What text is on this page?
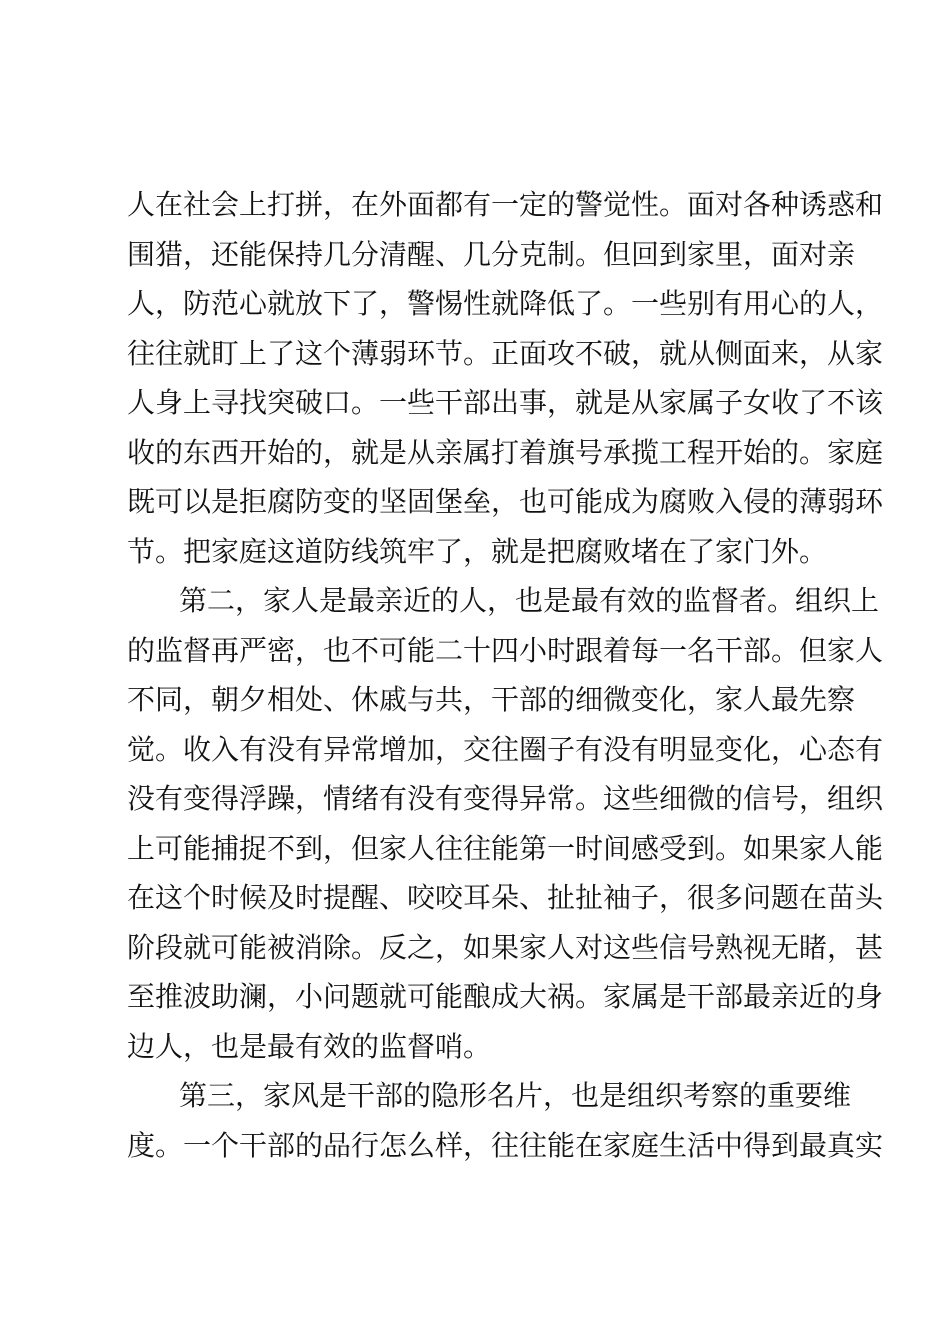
人在社会上打拼，在外面都有一定的警觉性。面对各种诱惑和
围猎，还能保持几分清醒、几分克制。但回到家里，面对亲
人，防范心就放下了，警惕性就降低了。一些别有用心的人，
往往就盯上了这个薄弱环节。正面攻不破，就从侧面来，从家
人身上寻找突破口。一些干部出事，就是从家属子女收了不该
收的东西开始的，就是从亲属打着旗号承揽工程开始的。家庭
既可以是拒腐防变的坚固堡垒，也可能成为腐败入侵的薄弱环
节。把家庭这道防线筑牢了，就是把腐败堵在了家门外。
第二，家人是最亲近的人，也是最有效的监督者。组织上
的监督再严密，也不可能二十四小时跟着每一名干部。但家人
不同，朝夕相处、休戚与共，干部的细微变化，家人最先察
觉。收入有没有异常增加，交往圈子有没有明显变化，心态有
没有变得浮躁，情绪有没有变得异常。这些细微的信号，组织
上可能捕捉不到，但家人往往能第一时间感受到。如果家人能
在这个时候及时提醒、咬咬耳朵、扯扯袖子，很多问题在苗头
阶段就可能被消除。反之，如果家人对这些信号熟视无睹，甚
至推波助澜，小问题就可能酿成大祸。家属是干部最亲近的身
边人，也是最有效的监督哨。
第三，家风是干部的隐形名片，也是组织考察的重要维
度。一个干部的品行怎么样，往往能在家庭生活中得到最真实
